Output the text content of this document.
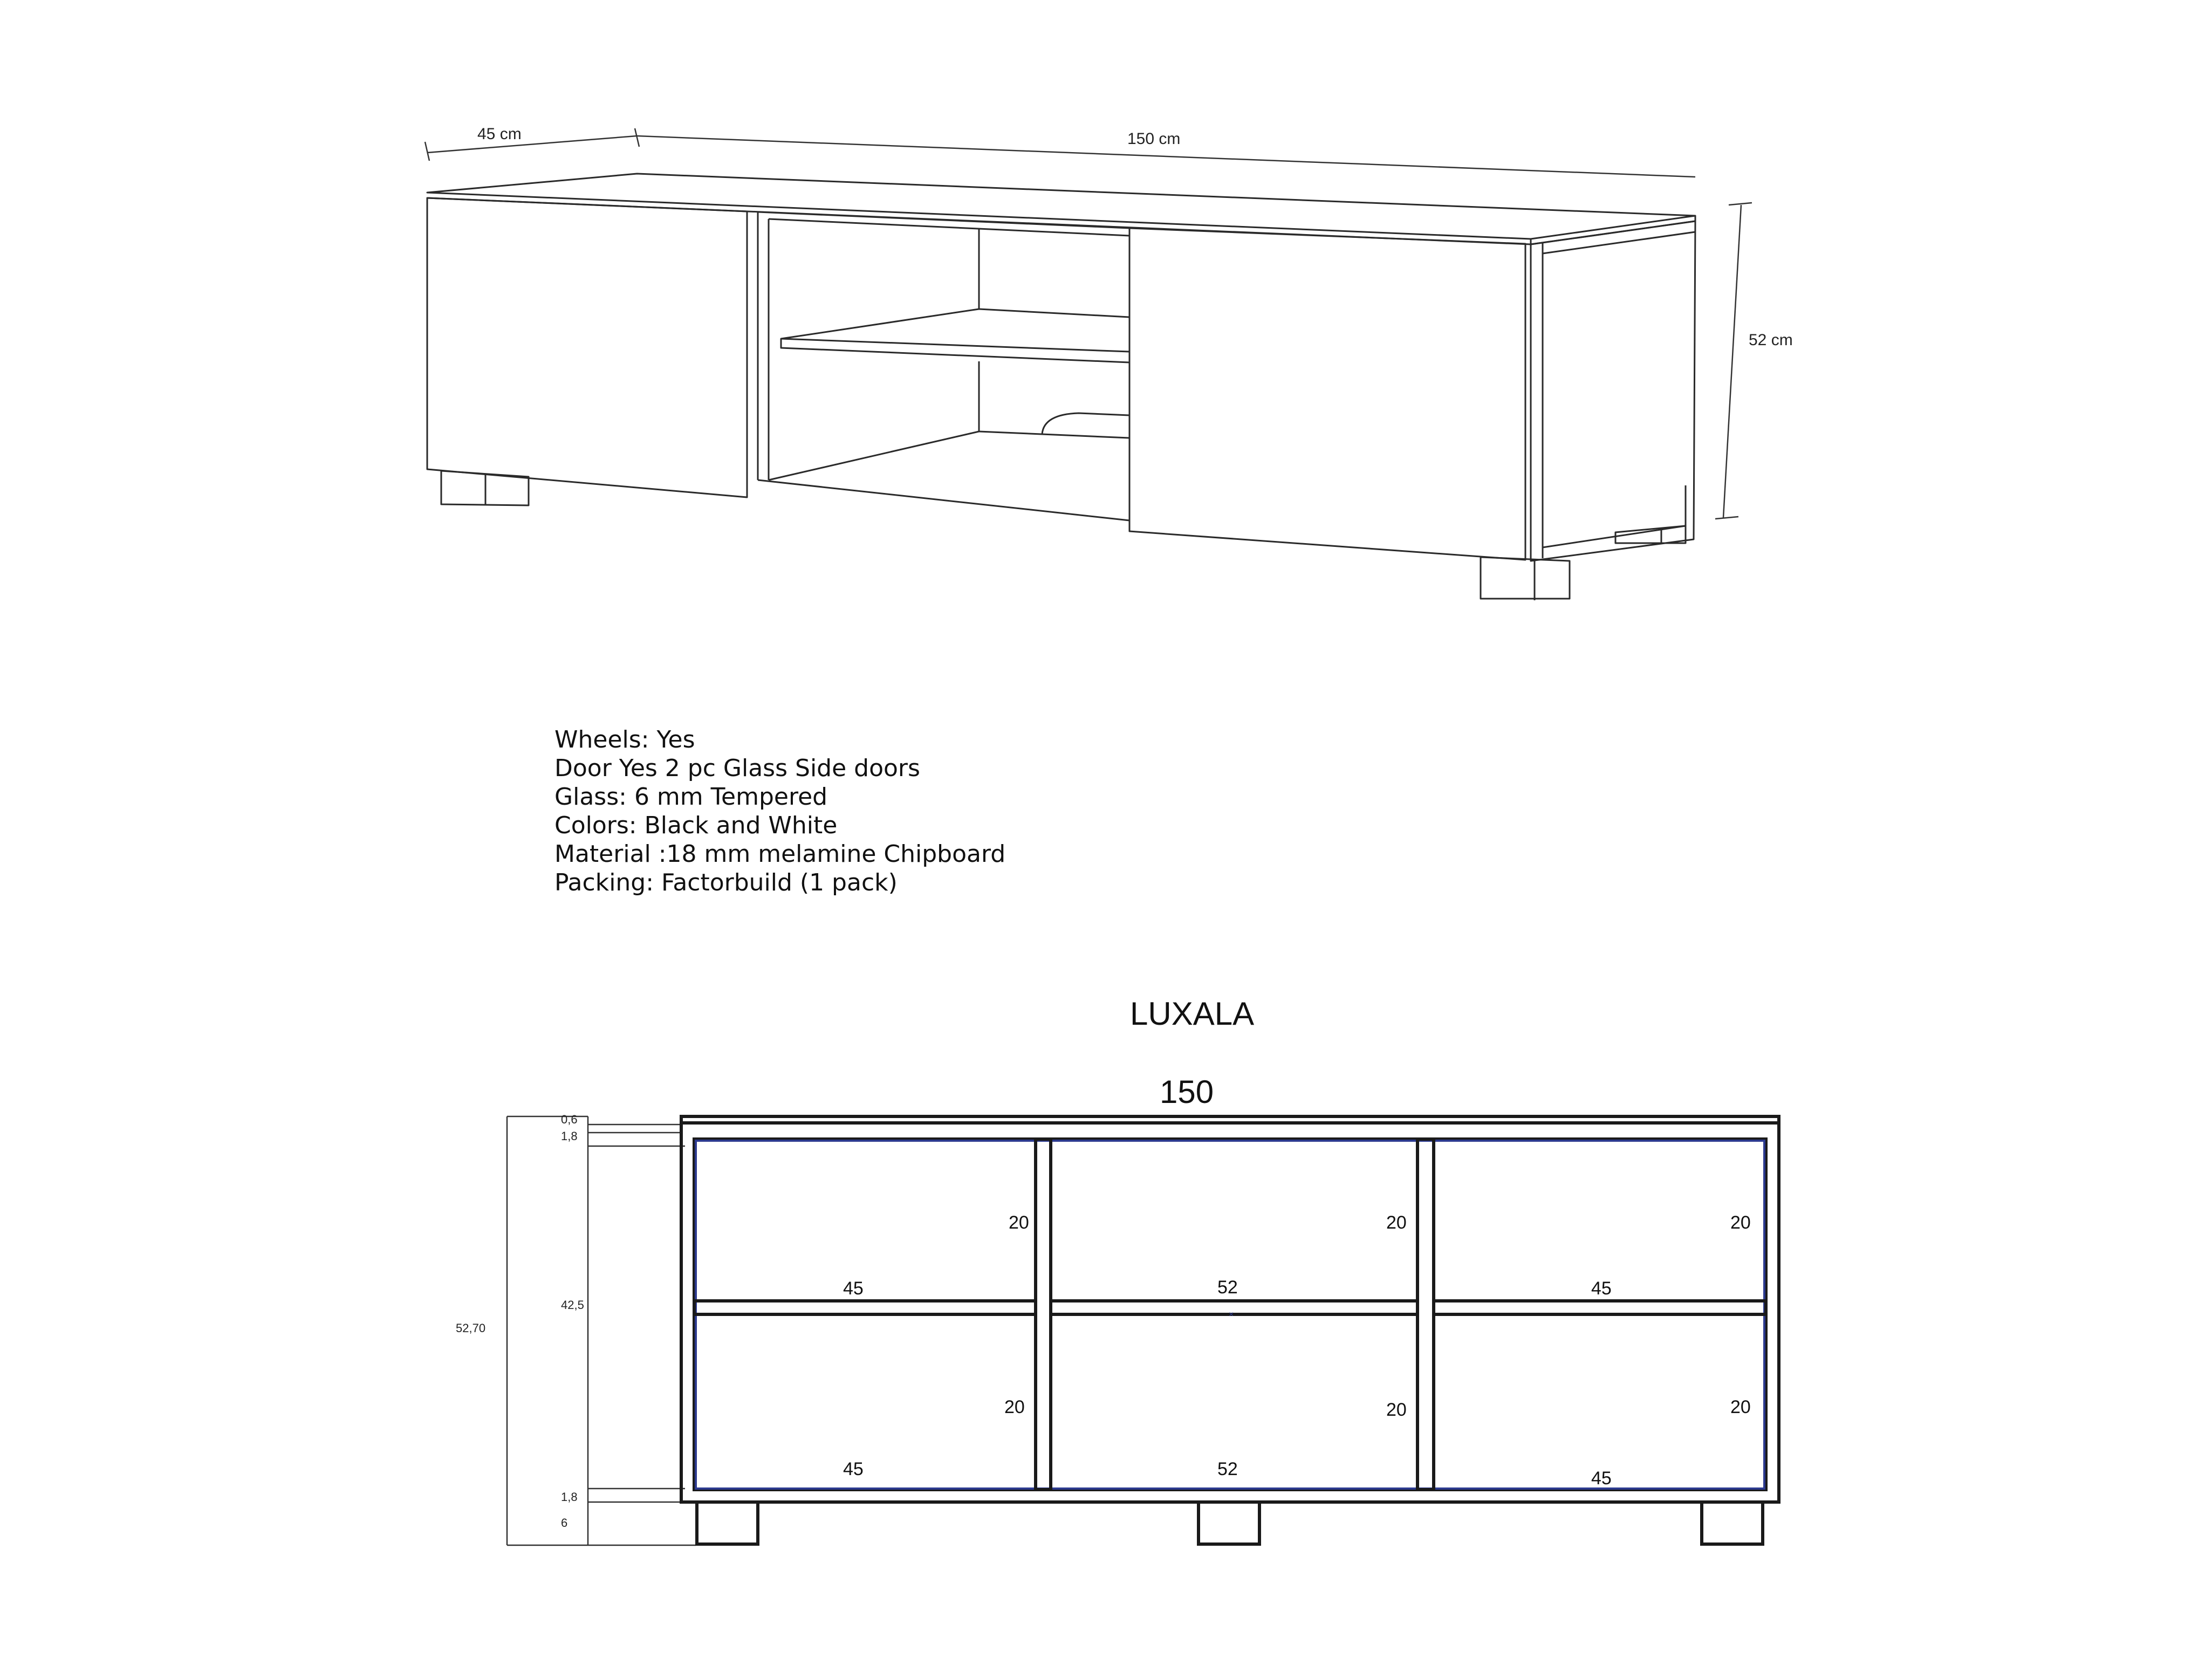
45 cm	150 cm
52 cm
LUXALA
150
0,6
1,8
42,5
1,8
6
52,70
×
20	20	20
45	52	45
20	20	20
45	52	45
Wheels: Yes
Door Yes 2 pc Glass Side doors
Glass: 6 mm Tempered
Colors: Black and White
Material :18 mm melamine Chipboard
Packing: Factorbuild (1 pack)
